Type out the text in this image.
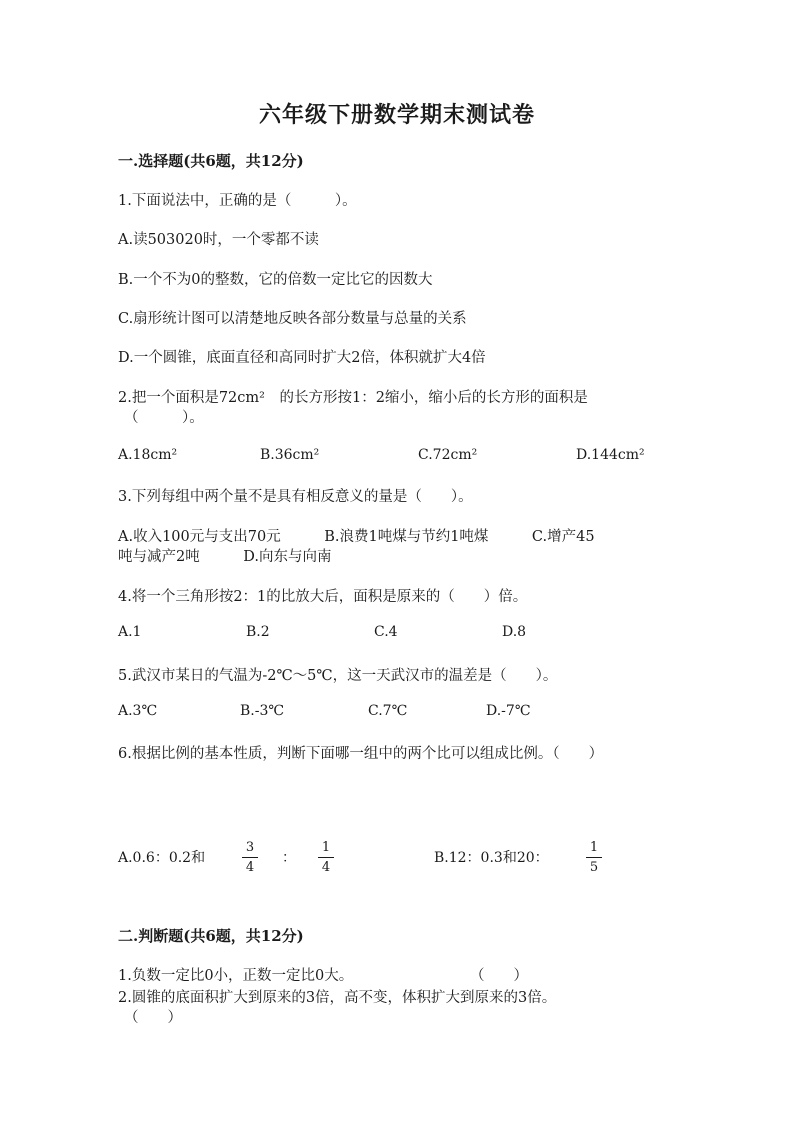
六年级下册数学期末测试卷
一.选择题(共6题，共12分)
1.下面说法中，正确的是（　　　）。
A.读503020时，一个零都不读
B.一个不为0的整数，它的倍数一定比它的因数大
C.扇形统计图可以清楚地反映各部分数量与总量的关系
D.一个圆锥，底面直径和高同时扩大2倍，体积就扩大4倍
2.把一个面积是72cm²　的长方形按1：2缩小，缩小后的长方形的面积是
（　　　）。
A.18cm²	B.36cm²	C.72cm²	D.144cm²
3.下列每组中两个量不是具有相反意义的量是（　　）。
A.收入100元与支出70元　　　B.浪费1吨煤与节约1吨煤　　　C.增产45
吨与减产2吨　　　D.向东与向南
4.将一个三角形按2：1的比放大后，面积是原来的（　　）倍。
A.1	B.2	C.4	D.8
5.武汉市某日的气温为-2℃～5℃，这一天武汉市的温差是（　　）。
A.3℃	B.-3℃	C.7℃	D.-7℃
6.根据比例的基本性质，判断下面哪一组中的两个比可以组成比例。（　　）
A.0.6：0.2和
3
4
：
1
4
B.12：0.3和20：
1
5
二.判断题(共6题，共12分)
1.负数一定比0小，正数一定比0大。	（　　）
2.圆锥的底面积扩大到原来的3倍，高不变，体积扩大到原来的3倍。
（　　）
